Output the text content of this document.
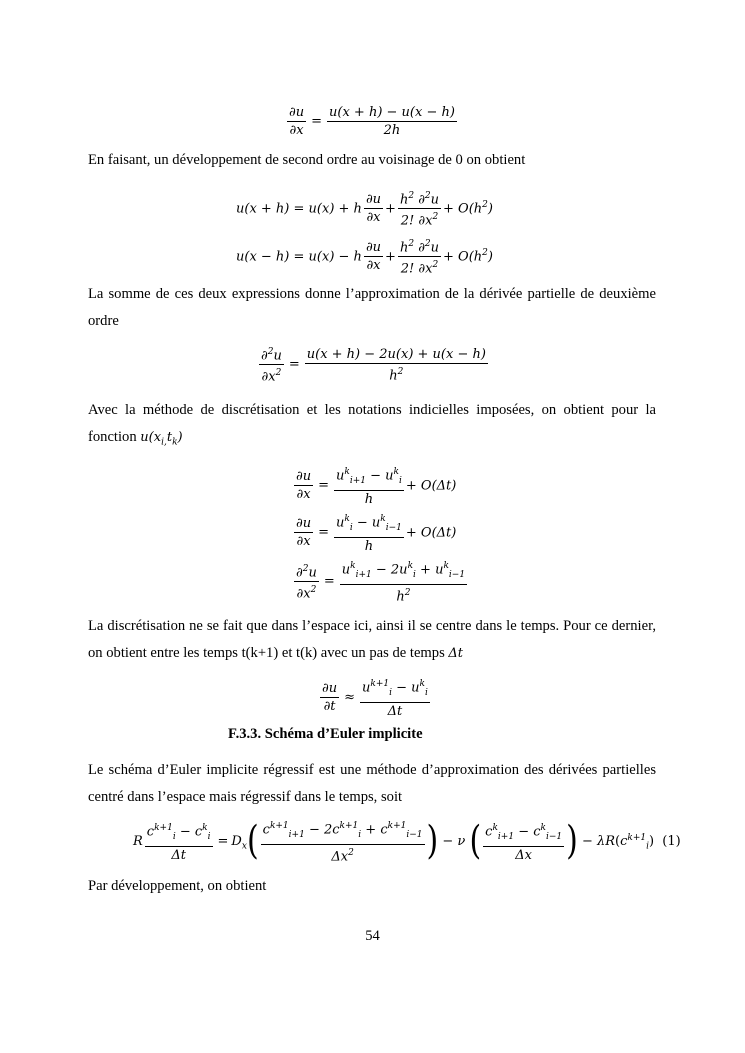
$\frac{\partial u}{\partial x} = \frac{u(x + h) - u(x - h)}{2h}$

En faisant, un développement de second ordre au voisinage de 0 on obtient

u(x + h) = u(x) + h $\frac{\partial u}{\partial x} + \frac{h^2 \partial^2u}{2! \partial x^2} + O(h^2)$
u(x − h) = u(x) − h $\frac{\partial u}{\partial x} + \frac{h^2 \partial^2u}{2! \partial x^2} + O(h^2)$

La somme de ces deux expressions donne l’approximation de la dérivée partielle de deuxième ordre

$\frac{\partial^2u}{\partial x^2} = \frac{u(x + h) - 2u(x) + u(x - h)}{h^2}$

Avec la méthode de discrétisation et les notations indicielles imposées, on obtient pour la fonction $u(x_{i,}t_k)$

$\frac{\partial u}{\partial x}$ =
$u^k_{i+1} - u^k_i$
h
+ O(Δt)
$\frac{\partial u}{\partial x}$ =
$u^k_i - u^k_{i-1}$
h
+ O(Δt)
$\frac{\partial^2u}{\partial x^2}$ =
$u^k_{i+1} - 2u^k_i + u^k_{i-1}$
$h^2$

La discrétisation ne se fait que dans l’espace ici, ainsi il se centre dans le temps. Pour ce dernier, on obtient entre les temps t(k+1) et t(k) avec un pas de temps Δt

$\frac{\partial u}{\partial t}$ ≈
$u^{k+1}_i - u^k_i$
Δt
F.3.3. Schéma d’Euler implicite

Le schéma d’Euler implicite régressif est une méthode d’approximation des dérivées partielles centré dans l’espace mais régressif dans le temps, soit

R
$c^{k+1}_i - c^k_i$
Δt
= $D_x( \frac{c^{k+1}_{i+1} - 2c^{k+1}_i + c^{k+1}_{i-1}}{\Delta x^2}$ ) − ν ( $c^k_{i+1} - c^k_{i-1}$
Δx	) − $\lambda R(c^{k+1}_i)$ (1)

Par développement, on obtient

54
